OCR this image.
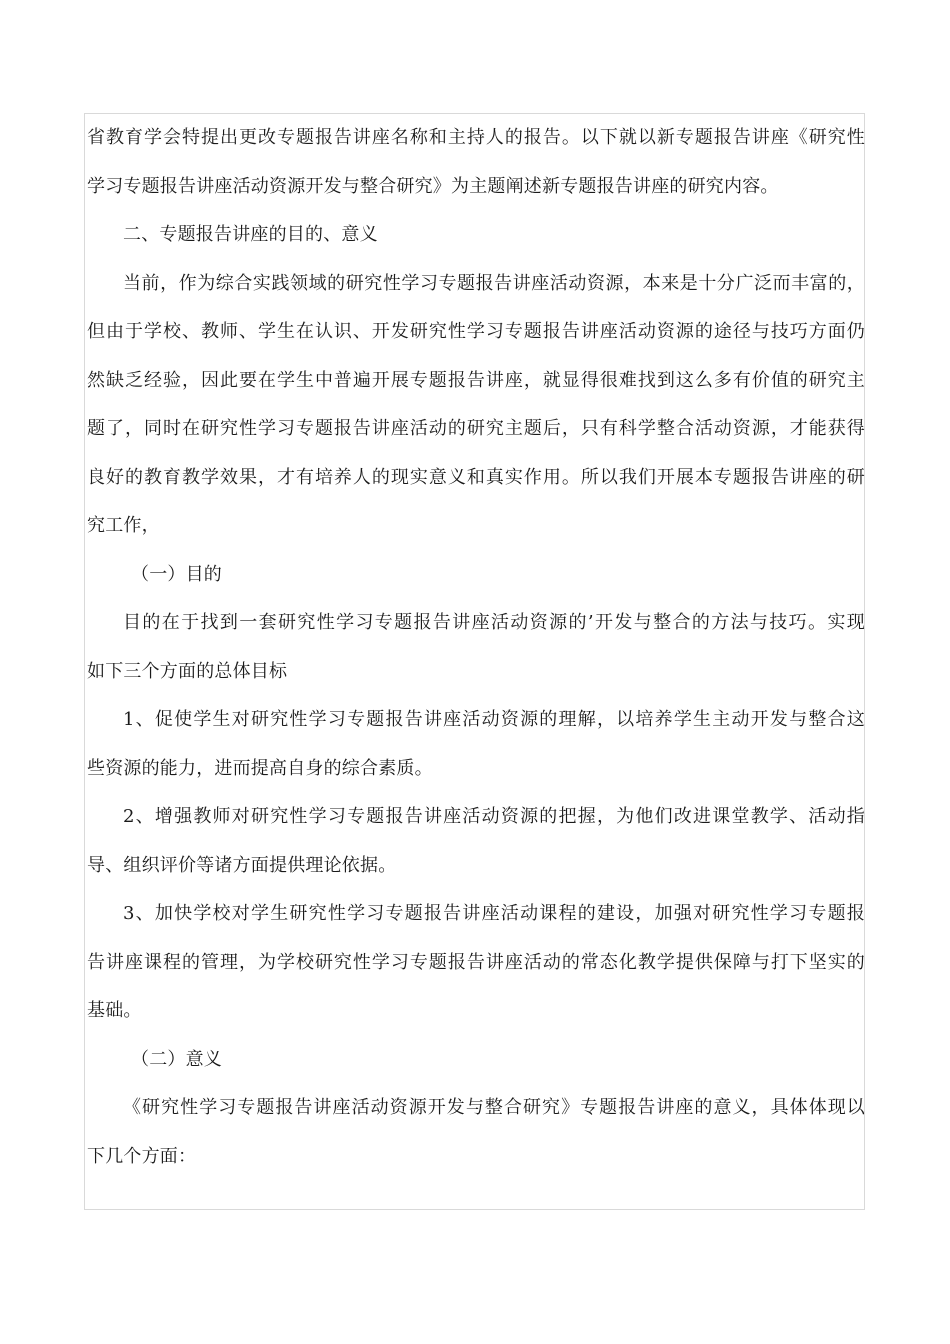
省教育学会特提出更改专题报告讲座名称和主持人的报告。以下就以新专题报告讲座《研究性

学习专题报告讲座活动资源开发与整合研究》为主题阐述新专题报告讲座的研究内容。

二、专题报告讲座的目的、意义

当前，作为综合实践领域的研究性学习专题报告讲座活动资源，本来是十分广泛而丰富的，

但由于学校、教师、学生在认识、开发研究性学习专题报告讲座活动资源的途径与技巧方面仍

然缺乏经验，因此要在学生中普遍开展专题报告讲座，就显得很难找到这么多有价值的研究主

题了，同时在研究性学习专题报告讲座活动的研究主题后，只有科学整合活动资源，才能获得

良好的教育教学效果，才有培养人的现实意义和真实作用。所以我们开展本专题报告讲座的研

究工作，

（一）目的

目的在于找到一套研究性学习专题报告讲座活动资源的’开发与整合的方法与技巧。实现

如下三个方面的总体目标

1、促使学生对研究性学习专题报告讲座活动资源的理解，以培养学生主动开发与整合这

些资源的能力，进而提高自身的综合素质。

2、增强教师对研究性学习专题报告讲座活动资源的把握，为他们改进课堂教学、活动指

导、组织评价等诸方面提供理论依据。

3、加快学校对学生研究性学习专题报告讲座活动课程的建设，加强对研究性学习专题报

告讲座课程的管理，为学校研究性学习专题报告讲座活动的常态化教学提供保障与打下坚实的

基础。

（二）意义

《研究性学习专题报告讲座活动资源开发与整合研究》专题报告讲座的意义，具体体现以

下几个方面：
